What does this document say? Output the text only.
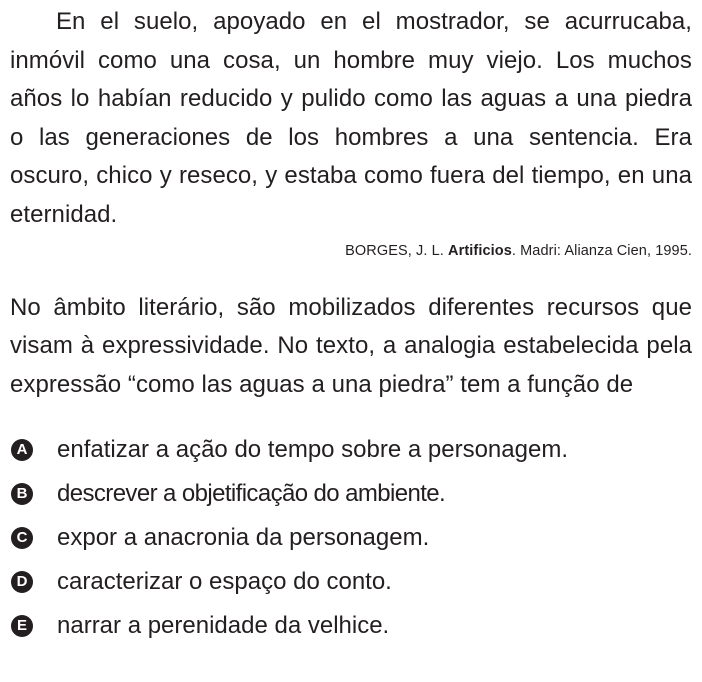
En el suelo, apoyado en el mostrador, se acurrucaba, inmóvil como una cosa, un hombre muy viejo. Los muchos años lo habían reducido y pulido como las aguas a una piedra o las generaciones de los hombres a una sentencia. Era oscuro, chico y reseco, y estaba como fuera del tiempo, en una eternidad.

BORGES, J. L. Artificios. Madri: Alianza Cien, 1995.

No âmbito literário, são mobilizados diferentes recursos que visam à expressividade. No texto, a analogia estabelecida pela expressão “como las aguas a una piedra” tem a função de

A enfatizar a ação do tempo sobre a personagem.
B descrever a objetificação do ambiente.
C expor a anacronia da personagem.
D caracterizar o espaço do conto.
E narrar a perenidade da velhice.
